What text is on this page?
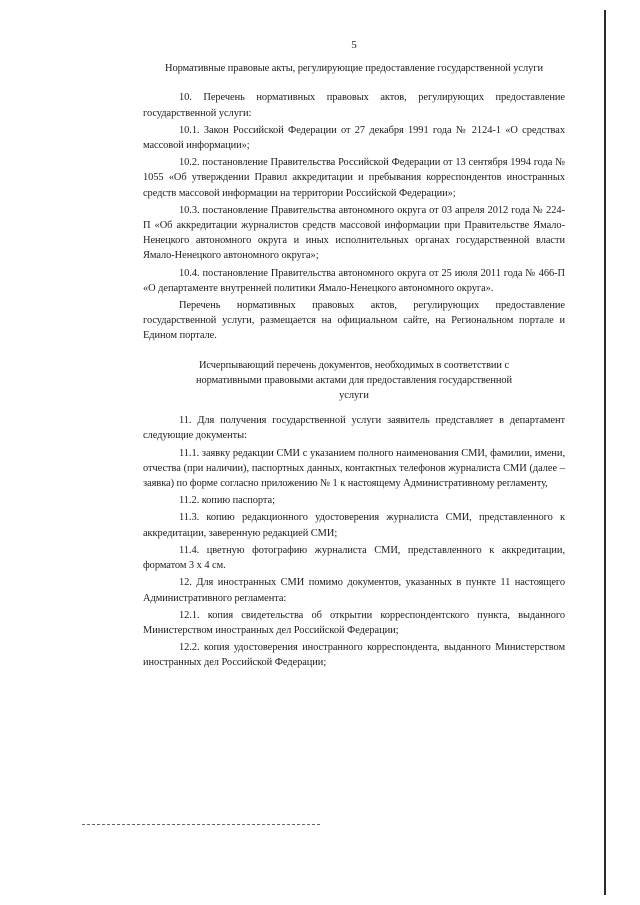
5
Нормативные правовые акты, регулирующие предоставление государственной услуги

10. Перечень нормативных правовых актов, регулирующих предоставление государственной услуги:

10.1. Закон Российской Федерации от 27 декабря 1991 года № 2124-1 «О средствах массовой информации»;

10.2. постановление Правительства Российской Федерации от 13 сентября 1994 года № 1055 «Об утверждении Правил аккредитации и пребывания корреспондентов иностранных средств массовой информации на территории Российской Федерации»;

10.3. постановление Правительства автономного округа от 03 апреля 2012 года № 224-П «Об аккредитации журналистов средств массовой информации при Правительстве Ямало-Ненецкого автономного округа и иных исполнительных органах государственной власти Ямало-Ненецкого автономного округа»;

10.4. постановление Правительства автономного округа от 25 июля 2011 года № 466-П «О департаменте внутренней политики Ямало-Ненецкого автономного округа».

Перечень нормативных правовых актов, регулирующих предоставление государственной услуги, размещается на официальном сайте, на Региональном портале и Едином портале.

Исчерпывающий перечень документов, необходимых в соответствии с нормативными правовыми актами для предоставления государственной услуги

11. Для получения государственной услуги заявитель представляет в департамент следующие документы:

11.1. заявку редакции СМИ с указанием полного наименования СМИ, фамилии, имени, отчества (при наличии), паспортных данных, контактных телефонов журналиста СМИ (далее – заявка) по форме согласно приложению № 1 к настоящему Административному регламенту,

11.2. копию паспорта;

11.3. копию редакционного удостоверения журналиста СМИ, представленного к аккредитации, заверенную редакцией СМИ;

11.4. цветную фотографию журналиста СМИ, представленного к аккредитации, форматом 3 х 4 см.

12. Для иностранных СМИ помимо документов, указанных в пункте 11 настоящего Административного регламента:

12.1. копия свидетельства об открытии корреспондентского пункта, выданного Министерством иностранных дел Российской Федерации;

12.2. копия удостоверения иностранного корреспондента, выданного Министерством иностранных дел Российской Федерации;
